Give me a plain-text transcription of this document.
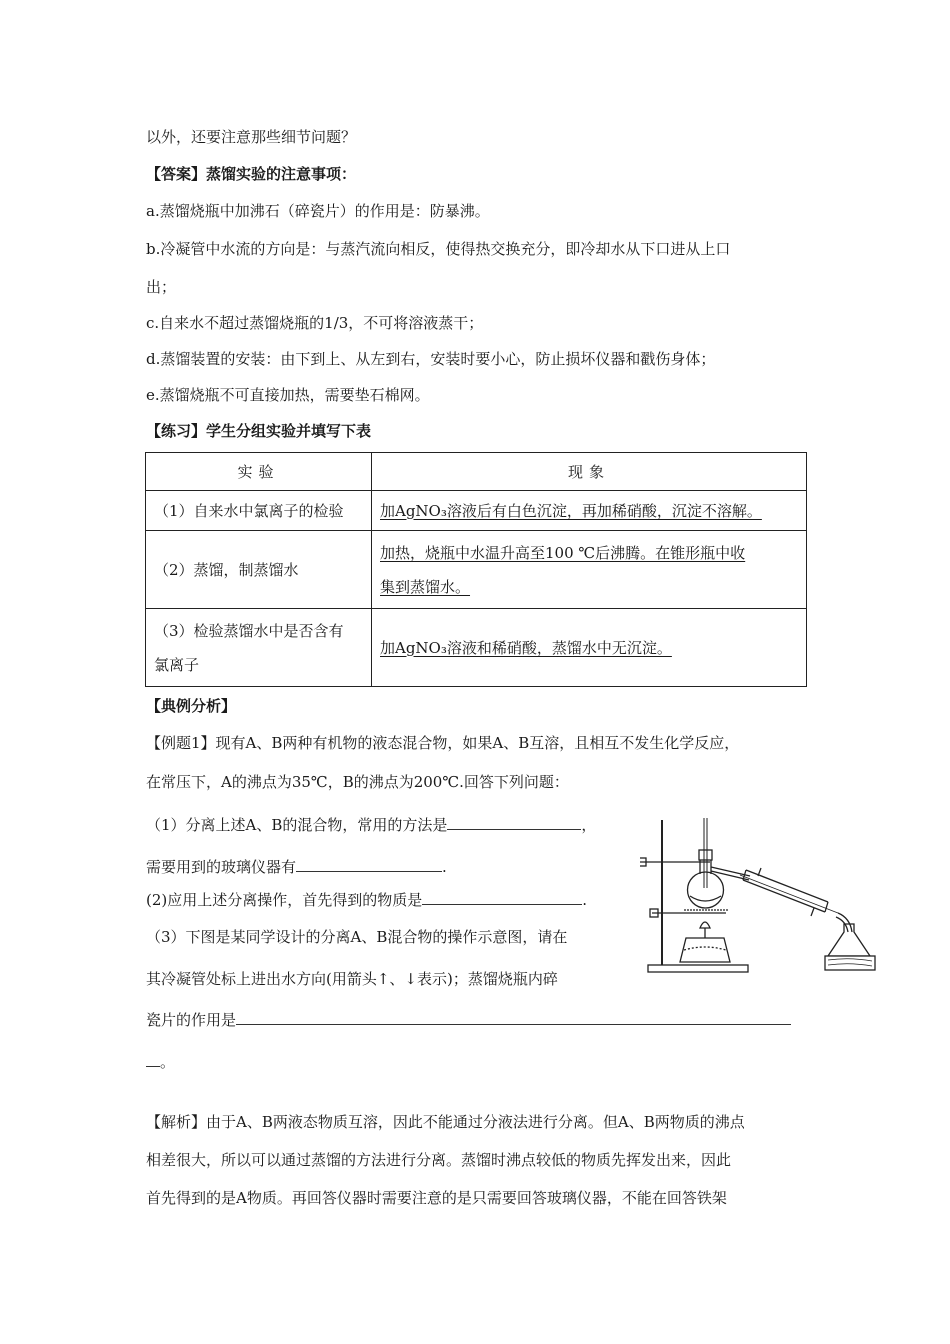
以外，还要注意那些细节问题？
【答案】蒸馏实验的注意事项：
a.蒸馏烧瓶中加沸石（碎瓷片）的作用是：防暴沸。
b.冷凝管中水流的方向是：与蒸汽流向相反，使得热交换充分，即冷却水从下口进从上口
出；
c.自来水不超过蒸馏烧瓶的1/3，不可将溶液蒸干；
d.蒸馏装置的安装：由下到上、从左到右，安装时要小心，防止损坏仪器和戳伤身体；
e.蒸馏烧瓶不可直接加热，需要垫石棉网。
【练习】学生分组实验并填写下表
实验	现象
（1）自来水中氯离子的检验	加AgNO₃溶液后有白色沉淀，再加稀硝酸，沉淀不溶解。
（2）蒸馏，制蒸馏水	加热，烧瓶中水温升高至100 ℃后沸腾。在锥形瓶中收
集到蒸馏水。
（3）检验蒸馏水中是否含有
氯离子	加AgNO₃溶液和稀硝酸，蒸馏水中无沉淀。
【典例分析】
【例题1】现有A、B两种有机物的液态混合物，如果A、B互溶，且相互不发生化学反应，
在常压下，A的沸点为35℃，B的沸点为200℃.回答下列问题：
（1）分离上述A、B的混合物，常用的方法是	，
需要用到的玻璃仪器有	.
(2)应用上述分离操作，首先得到的物质是	.
（3）下图是某同学设计的分离A、B混合物的操作示意图，请在
其冷凝管处标上进出水方向(用箭头↑、↓表示)；蒸馏烧瓶内碎
瓷片的作用是
。
【解析】由于A、B两液态物质互溶，因此不能通过分液法进行分离。但A、B两物质的沸点
相差很大，所以可以通过蒸馏的方法进行分离。蒸馏时沸点较低的物质先挥发出来，因此
首先得到的是A物质。再回答仪器时需要注意的是只需要回答玻璃仪器，不能在回答铁架
